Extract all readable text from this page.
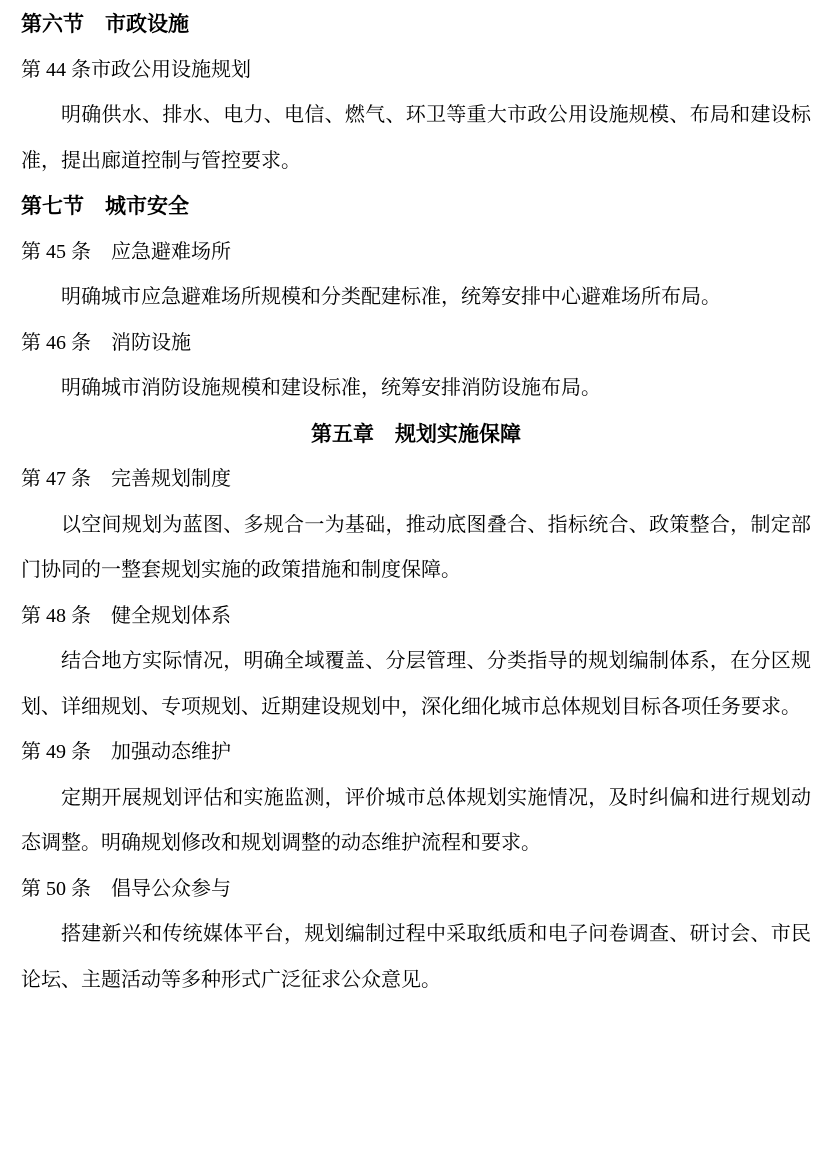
第六节　市政设施

第 44 条市政公用设施规划

明确供水、排水、电力、电信、燃气、环卫等重大市政公用设施规模、布局和建设标准，提出廊道控制与管控要求。

第七节　城市安全

第 45 条　应急避难场所

明确城市应急避难场所规模和分类配建标准，统筹安排中心避难场所布局。

第 46 条　消防设施

明确城市消防设施规模和建设标准，统筹安排消防设施布局。

第五章　规划实施保障

第 47 条　完善规划制度

以空间规划为蓝图、多规合一为基础，推动底图叠合、指标统合、政策整合，制定部门协同的一整套规划实施的政策措施和制度保障。

第 48 条　健全规划体系

结合地方实际情况，明确全域覆盖、分层管理、分类指导的规划编制体系，在分区规划、详细规划、专项规划、近期建设规划中，深化细化城市总体规划目标各项任务要求。

第 49 条　加强动态维护

定期开展规划评估和实施监测，评价城市总体规划实施情况，及时纠偏和进行规划动态调整。明确规划修改和规划调整的动态维护流程和要求。

第 50 条　倡导公众参与

搭建新兴和传统媒体平台，规划编制过程中采取纸质和电子问卷调查、研讨会、市民论坛、主题活动等多种形式广泛征求公众意见。
